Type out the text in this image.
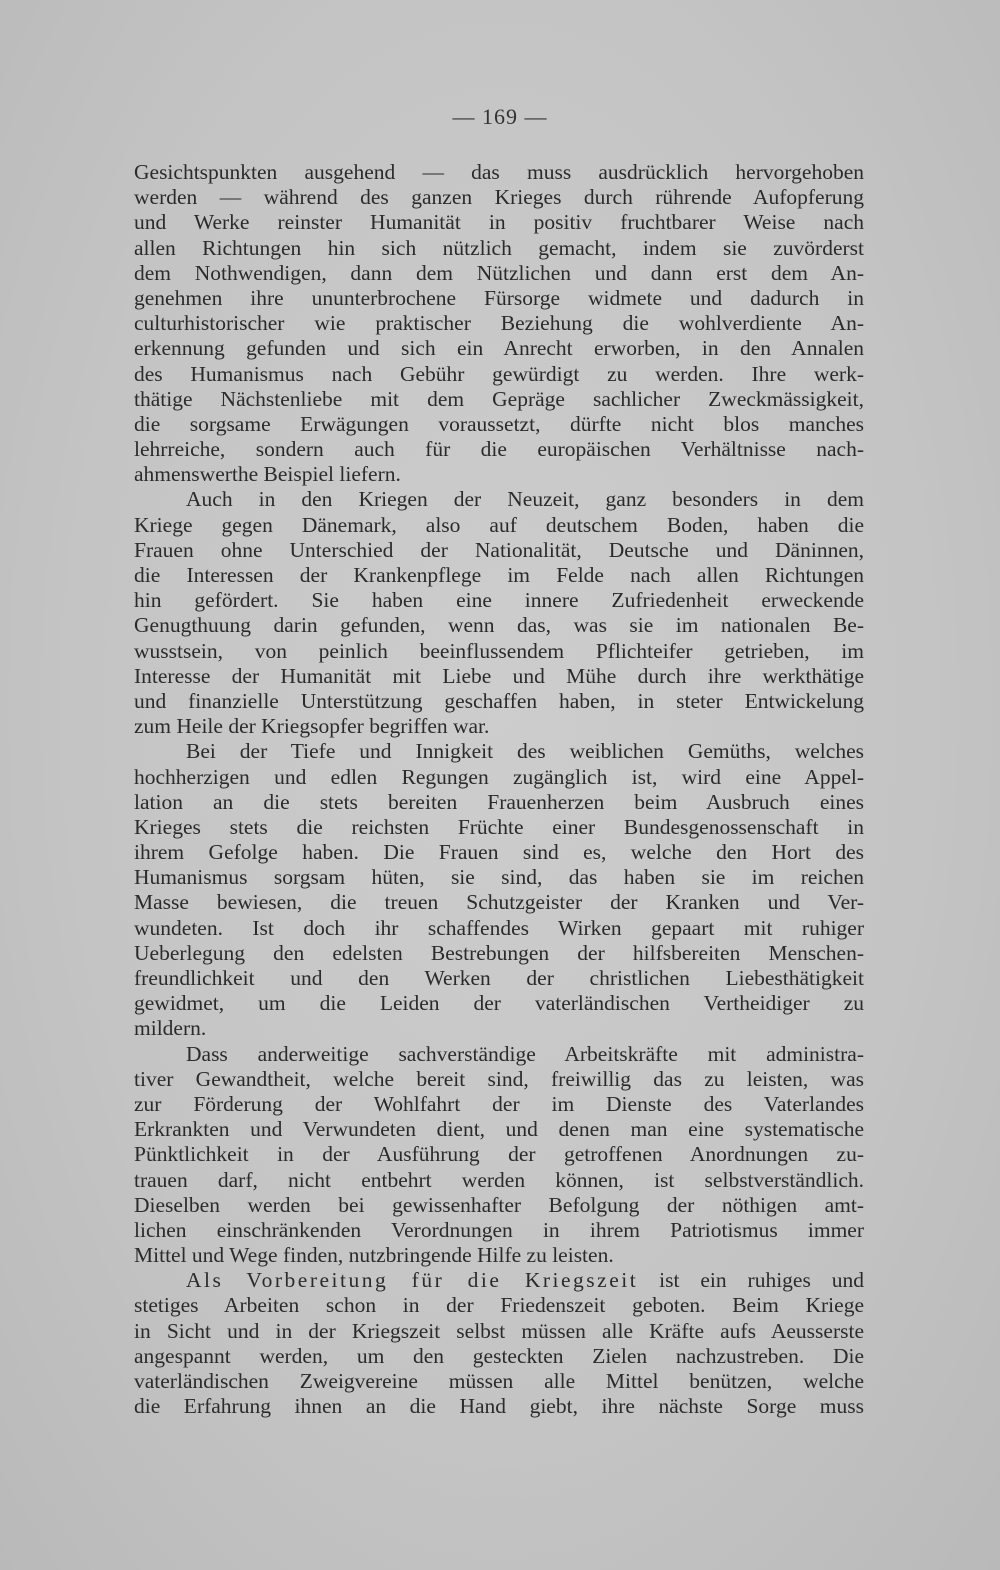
— 169 —
Gesichtspunkten ausgehend — das muss ausdrücklich hervorgehoben
werden — während des ganzen Krieges durch rührende Aufopferung
und Werke reinster Humanität in positiv fruchtbarer Weise nach
allen Richtungen hin sich nützlich gemacht, indem sie zuvörderst
dem Nothwendigen, dann dem Nützlichen und dann erst dem An-
genehmen ihre ununterbrochene Fürsorge widmete und dadurch in
culturhistorischer wie praktischer Beziehung die wohlverdiente An-
erkennung gefunden und sich ein Anrecht erworben, in den Annalen
des Humanismus nach Gebühr gewürdigt zu werden. Ihre werk-
thätige Nächstenliebe mit dem Gepräge sachlicher Zweckmässigkeit,
die sorgsame Erwägungen voraussetzt, dürfte nicht blos manches
lehrreiche, sondern auch für die europäischen Verhältnisse nach-
ahmenswerthe Beispiel liefern.
Auch in den Kriegen der Neuzeit, ganz besonders in dem
Kriege gegen Dänemark, also auf deutschem Boden, haben die
Frauen ohne Unterschied der Nationalität, Deutsche und Däninnen,
die Interessen der Krankenpflege im Felde nach allen Richtungen
hin gefördert. Sie haben eine innere Zufriedenheit erweckende
Genugthuung darin gefunden, wenn das, was sie im nationalen Be-
wusstsein, von peinlich beeinflussendem Pflichteifer getrieben, im
Interesse der Humanität mit Liebe und Mühe durch ihre werkthätige
und finanzielle Unterstützung geschaffen haben, in steter Entwickelung
zum Heile der Kriegsopfer begriffen war.
Bei der Tiefe und Innigkeit des weiblichen Gemüths, welches
hochherzigen und edlen Regungen zugänglich ist, wird eine Appel-
lation an die stets bereiten Frauenherzen beim Ausbruch eines
Krieges stets die reichsten Früchte einer Bundesgenossenschaft in
ihrem Gefolge haben. Die Frauen sind es, welche den Hort des
Humanismus sorgsam hüten, sie sind, das haben sie im reichen
Masse bewiesen, die treuen Schutzgeister der Kranken und Ver-
wundeten. Ist doch ihr schaffendes Wirken gepaart mit ruhiger
Ueberlegung den edelsten Bestrebungen der hilfsbereiten Menschen-
freundlichkeit und den Werken der christlichen Liebesthätigkeit
gewidmet, um die Leiden der vaterländischen Vertheidiger zu
mildern.
Dass anderweitige sachverständige Arbeitskräfte mit administra-
tiver Gewandtheit, welche bereit sind, freiwillig das zu leisten, was
zur Förderung der Wohlfahrt der im Dienste des Vaterlandes
Erkrankten und Verwundeten dient, und denen man eine systematische
Pünktlichkeit in der Ausführung der getroffenen Anordnungen zu-
trauen darf, nicht entbehrt werden können, ist selbstverständlich.
Dieselben werden bei gewissenhafter Befolgung der nöthigen amt-
lichen einschränkenden Verordnungen in ihrem Patriotismus immer
Mittel und Wege finden, nutzbringende Hilfe zu leisten.
Als Vorbereitung für die Kriegszeit ist ein ruhiges und
stetiges Arbeiten schon in der Friedenszeit geboten. Beim Kriege
in Sicht und in der Kriegszeit selbst müssen alle Kräfte aufs Aeusserste
angespannt werden, um den gesteckten Zielen nachzustreben. Die
vaterländischen Zweigvereine müssen alle Mittel benützen, welche
die Erfahrung ihnen an die Hand giebt, ihre nächste Sorge muss
